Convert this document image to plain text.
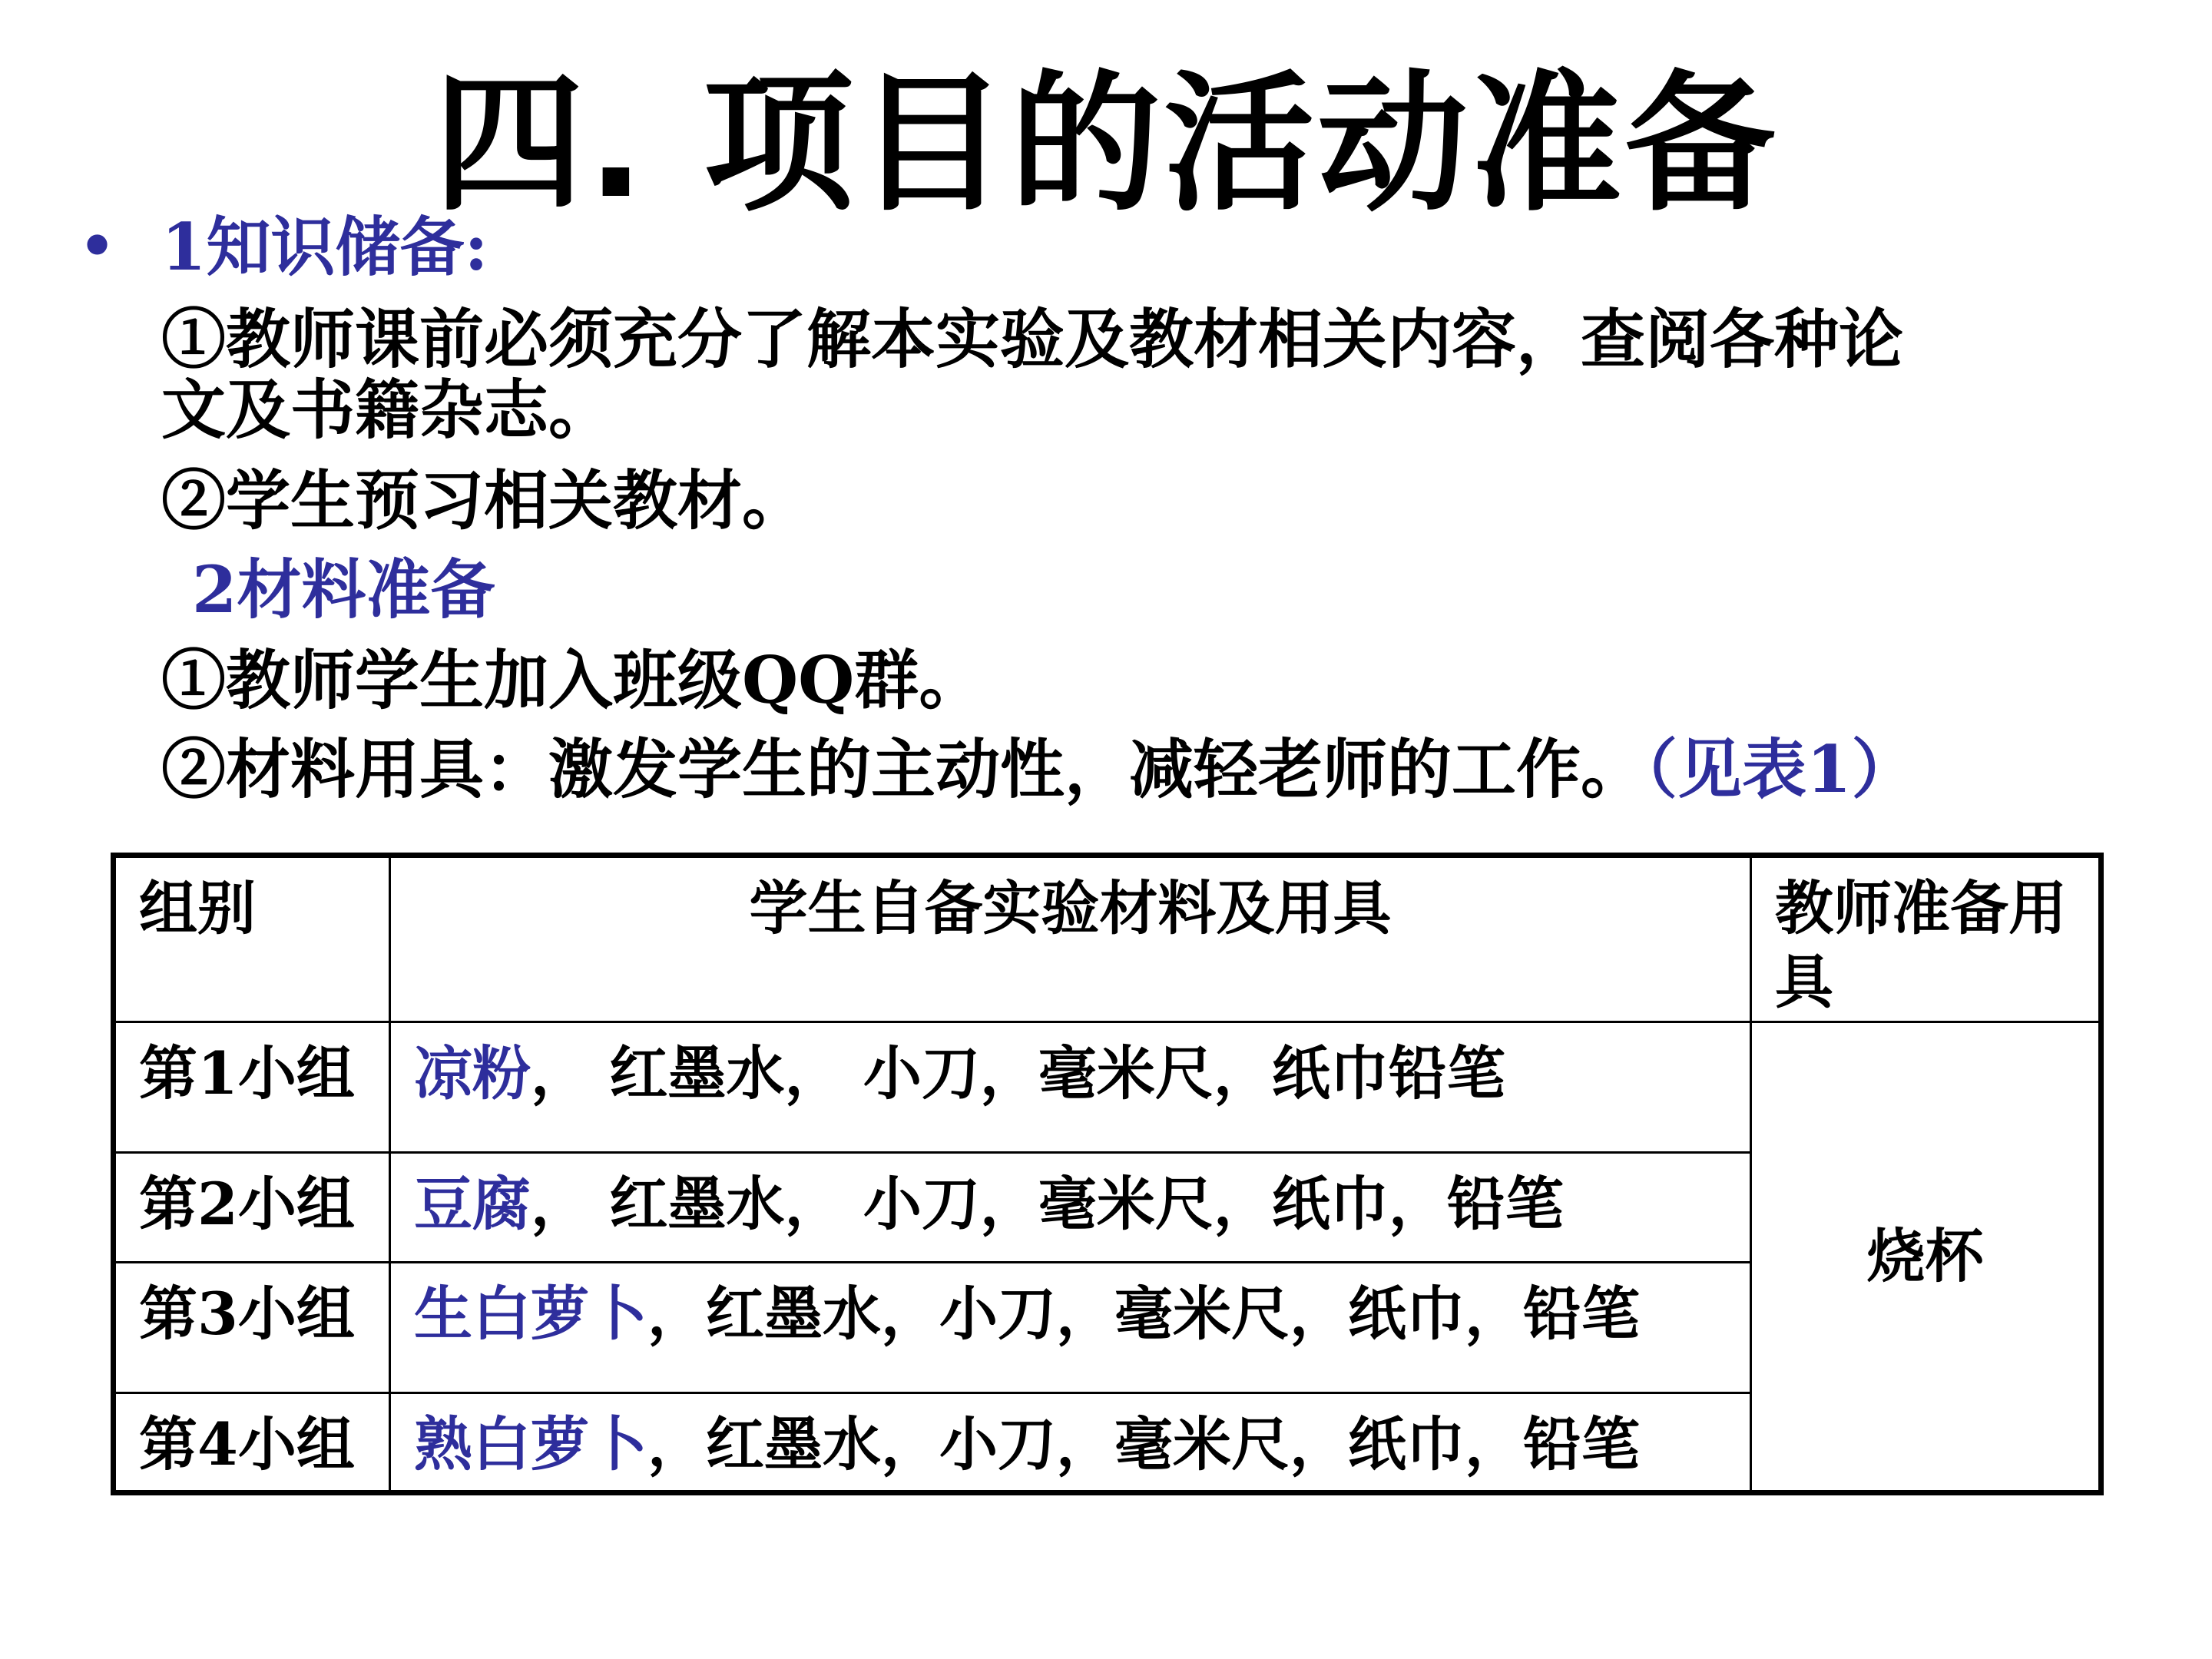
四. 项目的活动准备
• 1知识储备:
①教师课前必须充分了解本实验及教材相关内容，查阅各种论
文及书籍杂志。
②学生预习相关教材。
2材料准备
①教师学生加入班级QQ群。
②材料用具：激发学生的主动性，减轻老师的工作。（见表1）
组别	学生自备实验材料及用具	教师准备用具
第1小组	凉粉， 红墨水， 小刀，毫米尺，纸巾铅笔	烧杯
第2小组	豆腐， 红墨水， 小刀，毫米尺，纸巾，铅笔	
第3小组	生白萝卜，红墨水，小刀，毫米尺，纸巾，铅笔	
第4小组	熟白萝卜，红墨水，小刀，毫米尺，纸巾，铅笔	
